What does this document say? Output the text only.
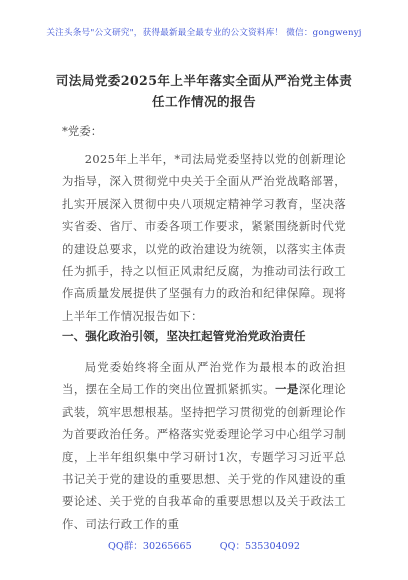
关注头条号"公文研究"，获得最新最全最专业的公文资料库！ 微信：gongwenyj
司法局党委2025年上半年落实全面从严治党主体责任工作情况的报告
*党委：

2025年上半年，*司法局党委坚持以党的创新理论为指导，深入贯彻党中央关于全面从严治党战略部署，扎实开展深入贯彻中央八项规定精神学习教育，坚决落实省委、省厅、市委各项工作要求，紧紧围绕新时代党的建设总要求，以党的政治建设为统领，以落实主体责任为抓手，持之以恒正风肃纪反腐，为推动司法行政工作高质量发展提供了坚强有力的政治和纪律保障。现将上半年工作情况报告如下：

一、强化政治引领，坚决扛起管党治党政治责任

局党委始终将全面从严治党作为最根本的政治担当，摆在全局工作的突出位置抓紧抓实。一是深化理论武装，筑牢思想根基。坚持把学习贯彻党的创新理论作为首要政治任务。严格落实党委理论学习中心组学习制度，上半年组织集中学习研讨1次，专题学习习近平总书记关于党的建设的重要思想、关于党的作风建设的重要论述、关于党的自我革命的重要思想以及关于政法工作、司法行政工作的重

QQ群：30265665	QQ：535304092
